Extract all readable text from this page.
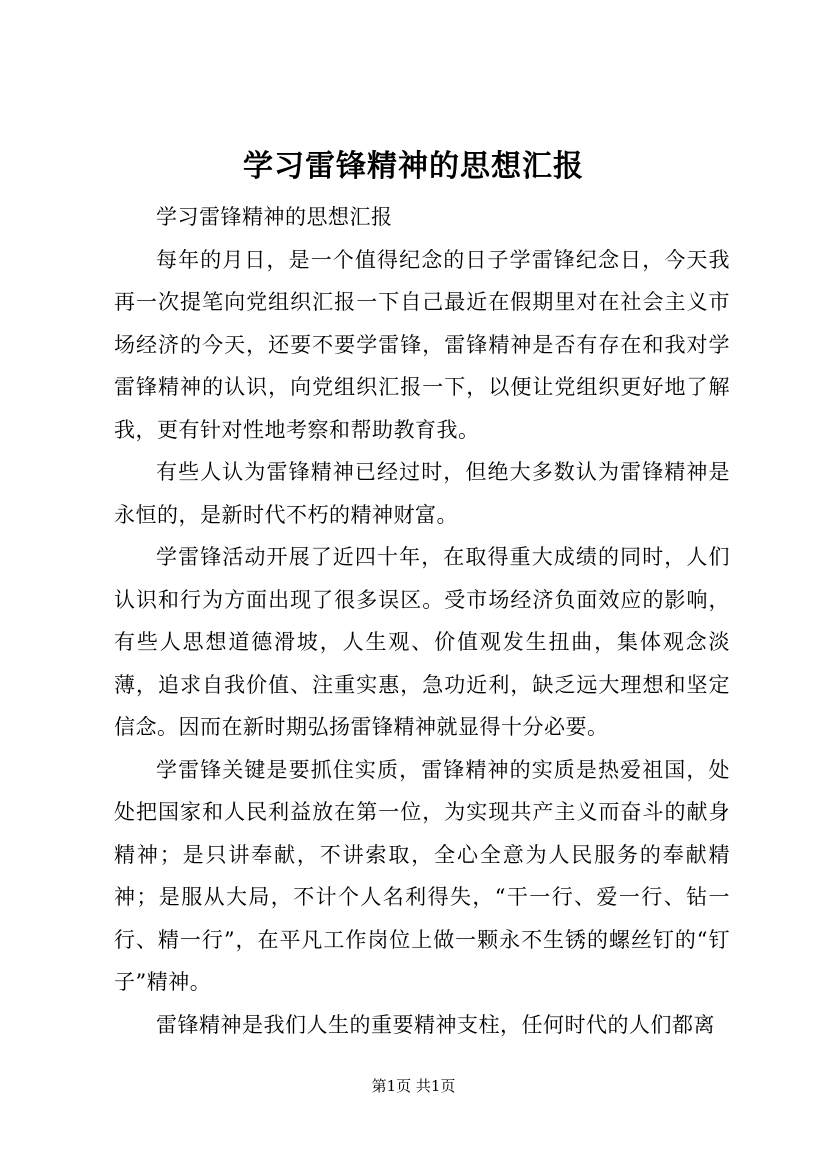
学习雷锋精神的思想汇报

学习雷锋精神的思想汇报

每年的月日，是一个值得纪念的日子学雷锋纪念日，今天我再一次提笔向党组织汇报一下自己最近在假期里对在社会主义市场经济的今天，还要不要学雷锋，雷锋精神是否有存在和我对学雷锋精神的认识，向党组织汇报一下，以便让党组织更好地了解我，更有针对性地考察和帮助教育我。

有些人认为雷锋精神已经过时，但绝大多数认为雷锋精神是永恒的，是新时代不朽的精神财富。

学雷锋活动开展了近四十年，在取得重大成绩的同时，人们认识和行为方面出现了很多误区。受市场经济负面效应的影响，有些人思想道德滑坡，人生观、价值观发生扭曲，集体观念淡薄，追求自我价值、注重实惠，急功近利，缺乏远大理想和坚定信念。因而在新时期弘扬雷锋精神就显得十分必要。

学雷锋关键是要抓住实质，雷锋精神的实质是热爱祖国，处处把国家和人民利益放在第一位，为实现共产主义而奋斗的献身精神；是只讲奉献，不讲索取，全心全意为人民服务的奉献精神；是服从大局，不计个人名利得失，“干一行、爱一行、钻一行、精一行”，在平凡工作岗位上做一颗永不生锈的螺丝钉的“钉子”精神。

雷锋精神是我们人生的重要精神支柱，任何时代的人们都离

第1页 共1页
